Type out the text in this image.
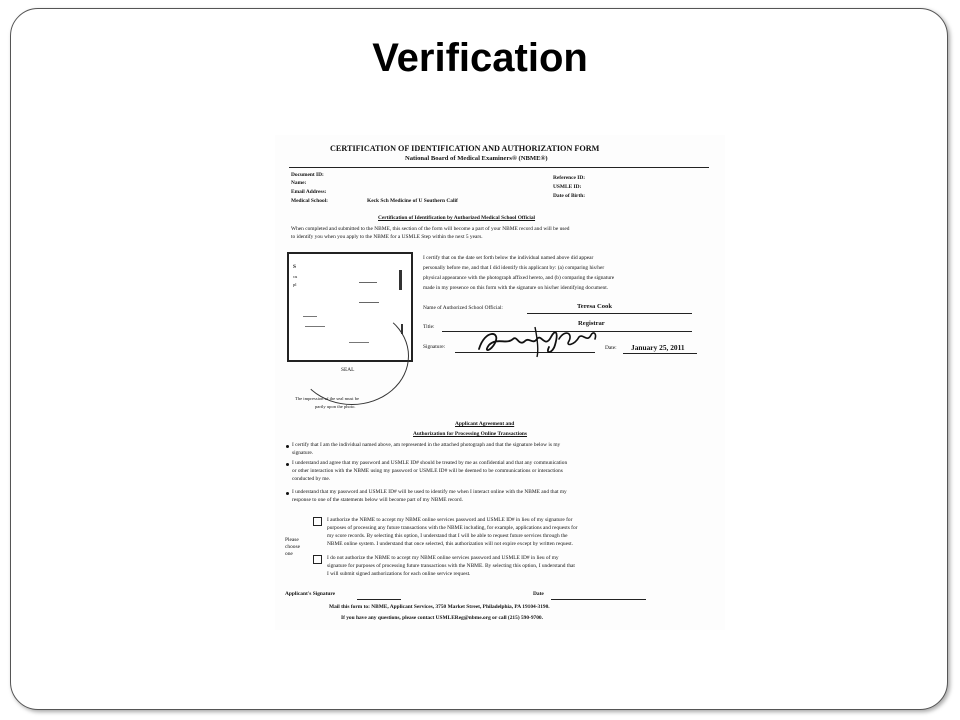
Verification
CERTIFICATION OF IDENTIFICATION AND AUTHORIZATION FORM
National Board of Medical Examiners® (NBME®)
Document ID:
Name:
Email Address:
Medical School:	Keck Sch Medicine of U Southern Calif
Reference ID:
USMLE ID:
Date of Birth:
Certification of Identification by Authorized Medical School Official
When completed and submitted to the NBME, this section of the form will become a part of your NBME record and will be used
to identify you when you apply to the NBME for a USMLE Step within the next 5 years.
I certify that on the date set forth below the individual named above did appear
personally before me, and that I did identify this applicant by: (a) comparing his/her
physical appearance with the photograph affixed hereto, and (b) comparing the signature
made in my presence on this form with the signature on his/her identifying document.
S
cu
pl
SEAL
The impression of the seal must be
partly upon the photo.
Name of Authorized School Official:	Teresa Cook
Title:	Registrar
Signature:	Date: January 25, 2011
Applicant Agreement and
Authorization for Processing Online Transactions
I certify that I am the individual named above, am represented in the attached photograph and that the signature below is my
signature.
I understand and agree that my password and USMLE ID# should be treated by me as confidential and that any communication
or other interaction with the NBME using my password or USMLE ID# will be deemed to be communications or interactions
conducted by me.
I understand that my password and USMLE ID# will be used to identify me when I interact online with the NBME and that my
response to one of the statements below will become part of my NBME record.
Please
choose
one
I authorize the NBME to accept my NBME online services password and USMLE ID# in lieu of my signature for
purposes of processing any future transactions with the NBME including, for example, applications and requests for
my score records. By selecting this option, I understand that I will be able to request future services through the
NBME online system. I understand that once selected, this authorization will not expire except by written request.
I do not authorize the NBME to accept my NBME online services password and USMLE ID# in lieu of my
signature for purposes of processing future transactions with the NBME. By selecting this option, I understand that
I will submit signed authorizations for each online service request.
Applicant's Signature	Date
Mail this form to: NBME, Applicant Services, 3750 Market Street, Philadelphia, PA 19104-3190.
If you have any questions, please contact USMLEReg@nbme.org or call (215) 590-9700.
